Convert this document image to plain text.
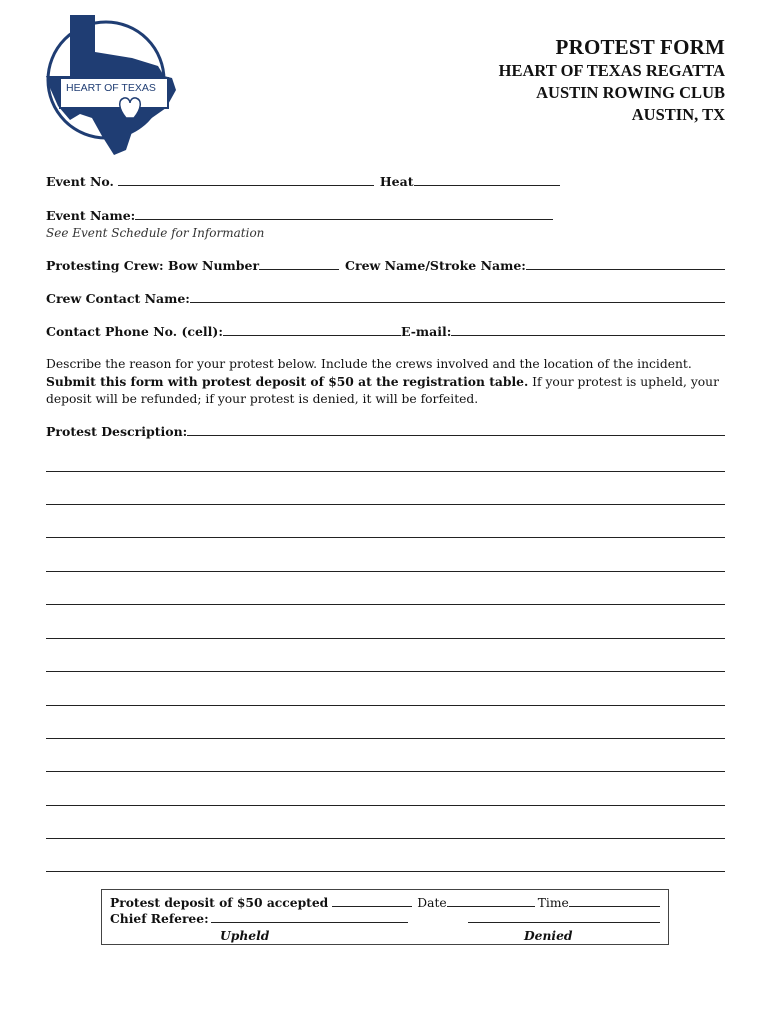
HEART OF TEXAS
PROTEST FORM
HEART OF TEXAS REGATTA
AUSTIN ROWING CLUB
AUSTIN, TX
Event No.	Heat
Event Name:
See Event Schedule for Information
Protesting Crew: Bow Number	Crew Name/Stroke Name:
Crew Contact Name:
Contact Phone No. (cell):	E-mail:
Describe the reason for your protest below. Include the crews involved and the location of the incident. Submit this form with protest deposit of $50 at the registration table. If your protest is upheld, your deposit will be refunded; if your protest is denied, it will be forfeited.
Protest Description:
Protest deposit of $50 accepted	Date	Time
Chief Referee:
Upheld	Denied
